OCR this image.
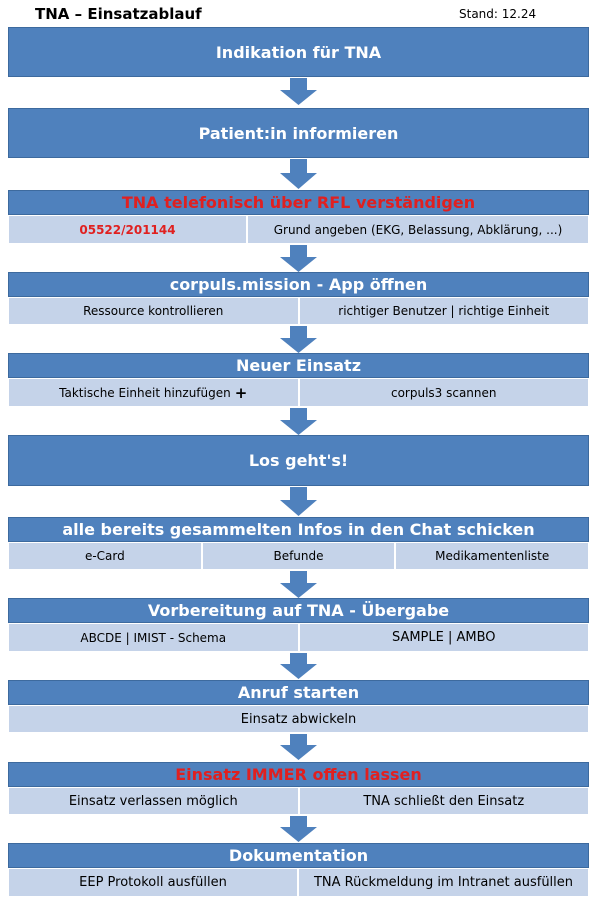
TNA – Einsatzablauf	Stand: 12.24
Indikation für TNA
Patient:in informieren
TNA telefonisch über RFL verständigen
05522/201144	Grund angeben (EKG, Belassung, Abklärung, ...)
corpuls.mission - App öffnen
Ressource kontrollieren	richtiger Benutzer | richtige Einheit
Neuer Einsatz
Taktische Einheit hinzufügen +	corpuls3 scannen
Los geht's!
alle bereits gesammelten Infos in den Chat schicken
e-Card	Befunde	Medikamentenliste
Vorbereitung auf TNA - Übergabe
ABCDE | IMIST - Schema	SAMPLE | AMBO
Anruf starten
Einsatz abwickeln
Einsatz IMMER offen lassen
Einsatz verlassen möglich	TNA schließt den Einsatz
Dokumentation
EEP Protokoll ausfüllen	TNA Rückmeldung im Intranet ausfüllen
